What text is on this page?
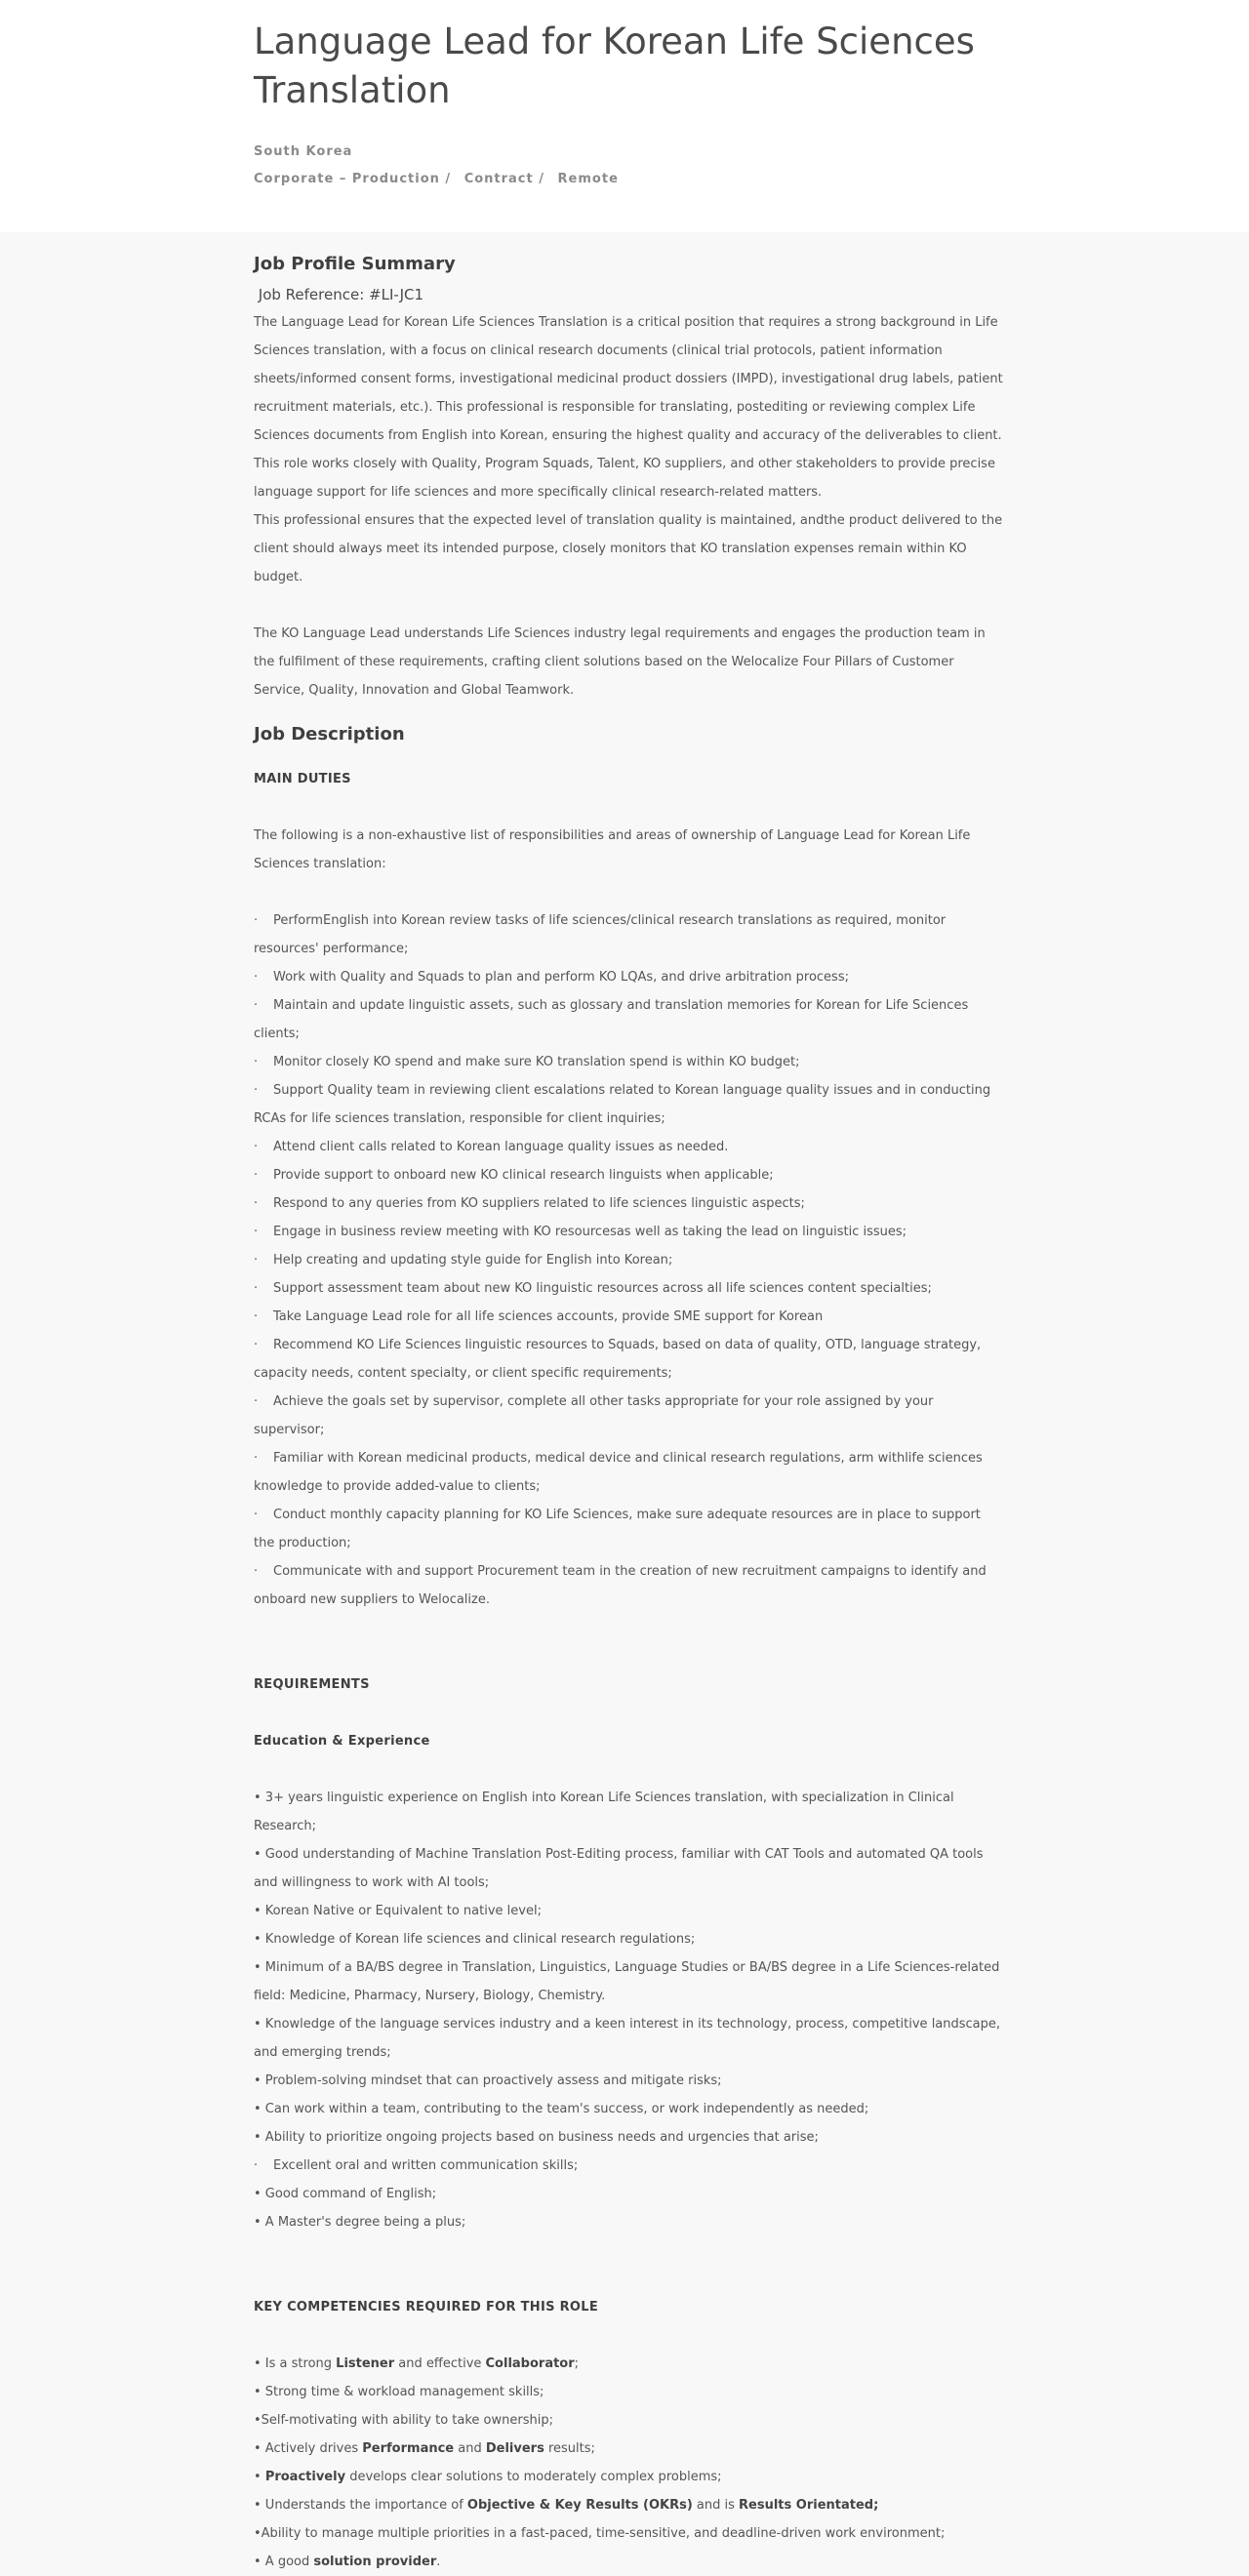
Language Lead for Korean Life Sciences Translation
South Korea
Corporate – Production / Contract / Remote
Job Profile Summary
Job Reference: #LI-JC1

The Language Lead for Korean Life Sciences Translation is a critical position that requires a strong background in Life Sciences translation, with a focus on clinical research documents (clinical trial protocols, patient information sheets/informed consent forms, investigational medicinal product dossiers (IMPD), investigational drug labels, patient recruitment materials, etc.). This professional is responsible for translating, postediting or reviewing complex Life Sciences documents from English into Korean, ensuring the highest quality and accuracy of the deliverables to client. This role works closely with Quality, Program Squads, Talent, KO suppliers, and other stakeholders to provide precise language support for life sciences and more specifically clinical research-related matters.

This professional ensures that the expected level of translation quality is maintained, andthe product delivered to the client should always meet its intended purpose, closely monitors that KO translation expenses remain within KO budget.

The KO Language Lead understands Life Sciences industry legal requirements and engages the production team in the fulfilment of these requirements, crafting client solutions based on the Welocalize Four Pillars of Customer Service, Quality, Innovation and Global Teamwork.

Job Description

MAIN DUTIES

The following is a non-exhaustive list of responsibilities and areas of ownership of Language Lead for Korean Life Sciences translation:

· PerformEnglish into Korean review tasks of life sciences/clinical research translations as required, monitor resources' performance;

· Work with Quality and Squads to plan and perform KO LQAs, and drive arbitration process;

· Maintain and update linguistic assets, such as glossary and translation memories for Korean for Life Sciences clients;

· Monitor closely KO spend and make sure KO translation spend is within KO budget;

· Support Quality team in reviewing client escalations related to Korean language quality issues and in conducting RCAs for life sciences translation, responsible for client inquiries;

· Attend client calls related to Korean language quality issues as needed.

· Provide support to onboard new KO clinical research linguists when applicable;

· Respond to any queries from KO suppliers related to life sciences linguistic aspects;

· Engage in business review meeting with KO resourcesas well as taking the lead on linguistic issues;

· Help creating and updating style guide for English into Korean;

· Support assessment team about new KO linguistic resources across all life sciences content specialties;

· Take Language Lead role for all life sciences accounts, provide SME support for Korean

· Recommend KO Life Sciences linguistic resources to Squads, based on data of quality, OTD, language strategy, capacity needs, content specialty, or client specific requirements;

· Achieve the goals set by supervisor, complete all other tasks appropriate for your role assigned by your supervisor;

· Familiar with Korean medicinal products, medical device and clinical research regulations, arm withlife sciences knowledge to provide added-value to clients;

· Conduct monthly capacity planning for KO Life Sciences, make sure adequate resources are in place to support the production;

· Communicate with and support Procurement team in the creation of new recruitment campaigns to identify and onboard new suppliers to Welocalize.

REQUIREMENTS

Education & Experience

• 3+ years linguistic experience on English into Korean Life Sciences translation, with specialization in Clinical Research;

• Good understanding of Machine Translation Post-Editing process, familiar with CAT Tools and automated QA tools and willingness to work with AI tools;

• Korean Native or Equivalent to native level;

• Knowledge of Korean life sciences and clinical research regulations;

• Minimum of a BA/BS degree in Translation, Linguistics, Language Studies or BA/BS degree in a Life Sciences-related field: Medicine, Pharmacy, Nursery, Biology, Chemistry.

• Knowledge of the language services industry and a keen interest in its technology, process, competitive landscape, and emerging trends;

• Problem-solving mindset that can proactively assess and mitigate risks;

• Can work within a team, contributing to the team's success, or work independently as needed;

• Ability to prioritize ongoing projects based on business needs and urgencies that arise;

· Excellent oral and written communication skills;

• Good command of English;

• A Master's degree being a plus;

KEY COMPETENCIES REQUIRED FOR THIS ROLE

• Is a strong Listener and effective Collaborator;

• Strong time & workload management skills;

•Self-motivating with ability to take ownership;

• Actively drives Performance and Delivers results;

• Proactively develops clear solutions to moderately complex problems;

• Understands the importance of Objective & Key Results (OKRs) and is Results Orientated;

•Ability to manage multiple priorities in a fast-paced, time-sensitive, and deadline-driven work environment;

• A good solution provider.
